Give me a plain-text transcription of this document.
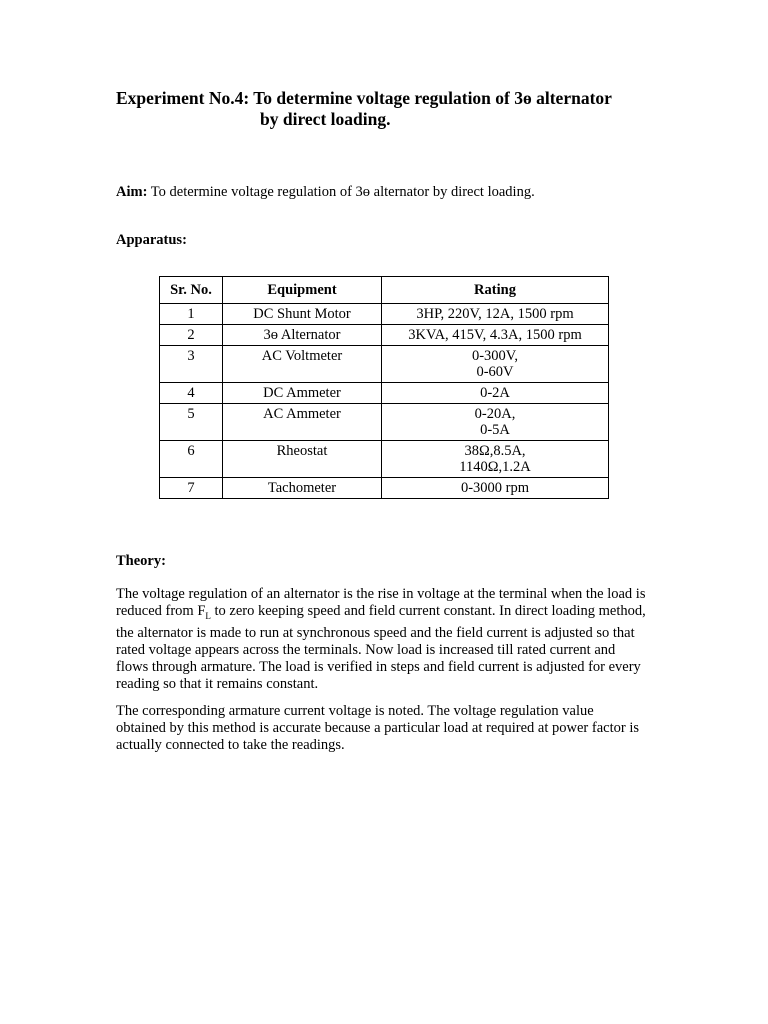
Experiment No.4: To determine voltage regulation of 3ɵ alternator
by direct loading.

Aim: To determine voltage regulation of 3ɵ alternator by direct loading.

Apparatus:

Sr. No.	Equipment	Rating
1	DC Shunt Motor	3HP, 220V, 12A, 1500 rpm

2	3ɵ Alternator	3KVA, 415V, 4.3A, 1500 rpm

3	AC Voltmeter	0-300V,
0-60V

4	DC Ammeter	0-2A

5	AC Ammeter	0-20A,
0-5A

6	Rheostat	38Ω,8.5A,
1140Ω,1.2A

7	Tachometer	0-3000 rpm

Theory:

The voltage regulation of an alternator is the rise in voltage at the terminal when the load is reduced from $F_L$ to zero keeping speed and field current constant. In direct loading method, the alternator is made to run at synchronous speed and the field current is adjusted so that rated voltage appears across the terminals. Now load is increased till rated current and flows through armature. The load is verified in steps and field current is adjusted for every reading so that it remains constant.

The corresponding armature current voltage is noted. The voltage regulation value obtained by this method is accurate because a particular load at required at power factor is actually connected to take the readings.
